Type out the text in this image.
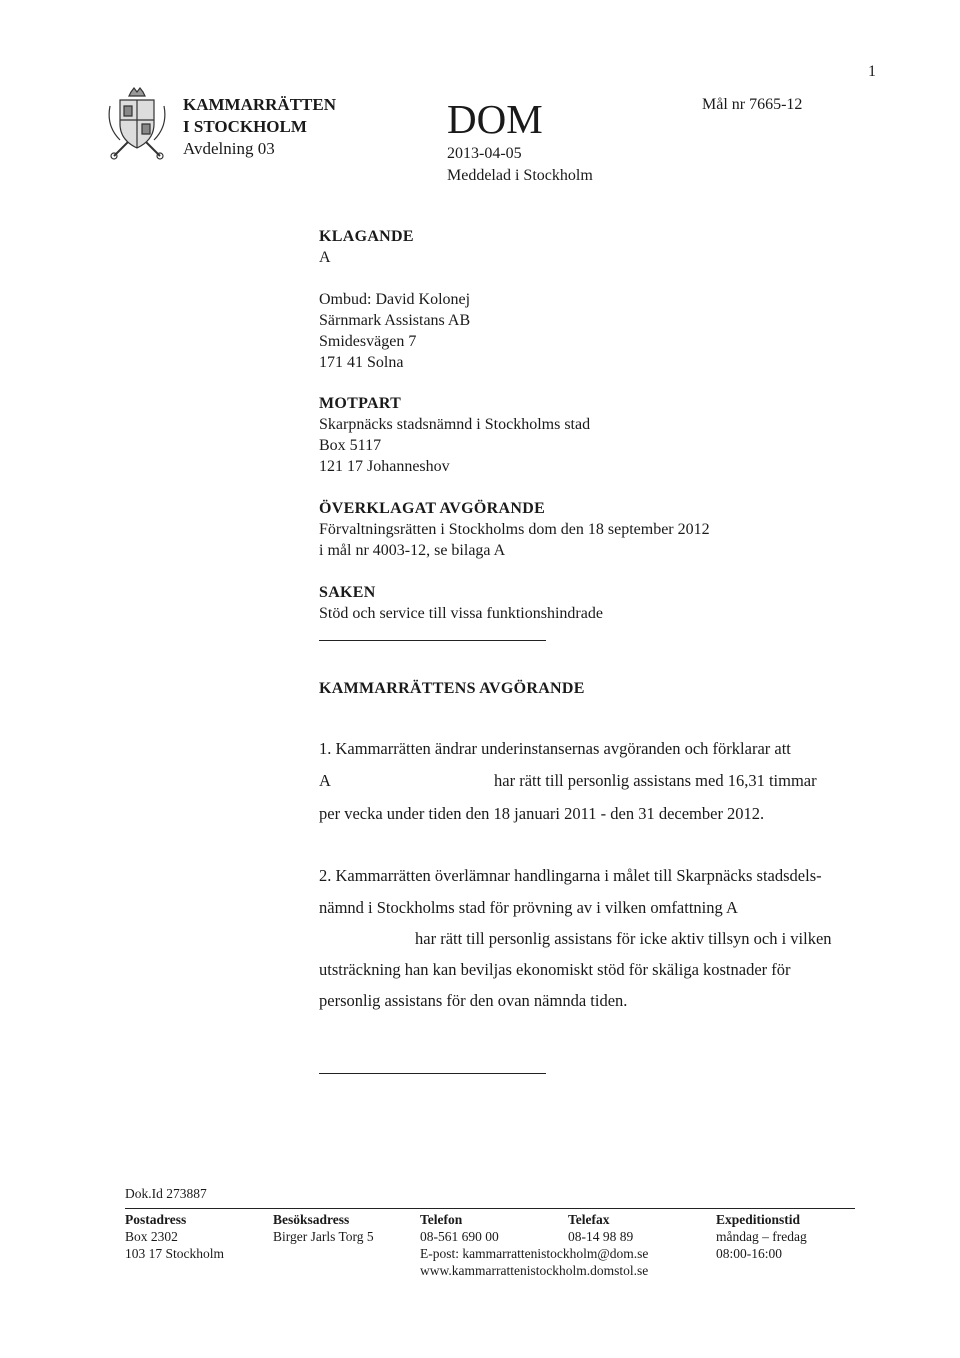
1
KAMMARRÄTTEN
I STOCKHOLM
Avdelning 03
DOM
2013-04-05
Meddelad i Stockholm
Mål nr 7665-12
KLAGANDE
A
Ombud: David Kolonej
Särnmark Assistans AB
Smidesvägen 7
171 41 Solna
MOTPART
Skarpnäcks stadsnämnd i Stockholms stad
Box 5117
121 17 Johanneshov
ÖVERKLAGAT AVGÖRANDE
Förvaltningsrätten i Stockholms dom den 18 september 2012
i mål nr 4003-12, se bilaga A
SAKEN
Stöd och service till vissa funktionshindrade
KAMMARRÄTTENS AVGÖRANDE
1. Kammarrätten ändrar underinstansernas avgöranden och förklarar att
A	har rätt till personlig assistans med 16,31 timmar
per vecka under tiden den 18 januari 2011 - den 31 december 2012.
2. Kammarrätten överlämnar handlingarna i målet till Skarpnäcks stadsdels-
nämnd i Stockholms stad för prövning av i vilken omfattning A
har rätt till personlig assistans för icke aktiv tillsyn och i vilken
utsträckning han kan beviljas ekonomiskt stöd för skäliga kostnader för
personlig assistans för den ovan nämnda tiden.
Dok.Id 273887
Postadress
Box 2302
103 17 Stockholm
Besöksadress
Birger Jarls Torg 5
Telefon
08-561 690 00
E-post: kammarrattenistockholm@dom.se
www.kammarrattenistockholm.domstol.se
Telefax
08-14 98 89
Expeditionstid
måndag – fredag
08:00-16:00
